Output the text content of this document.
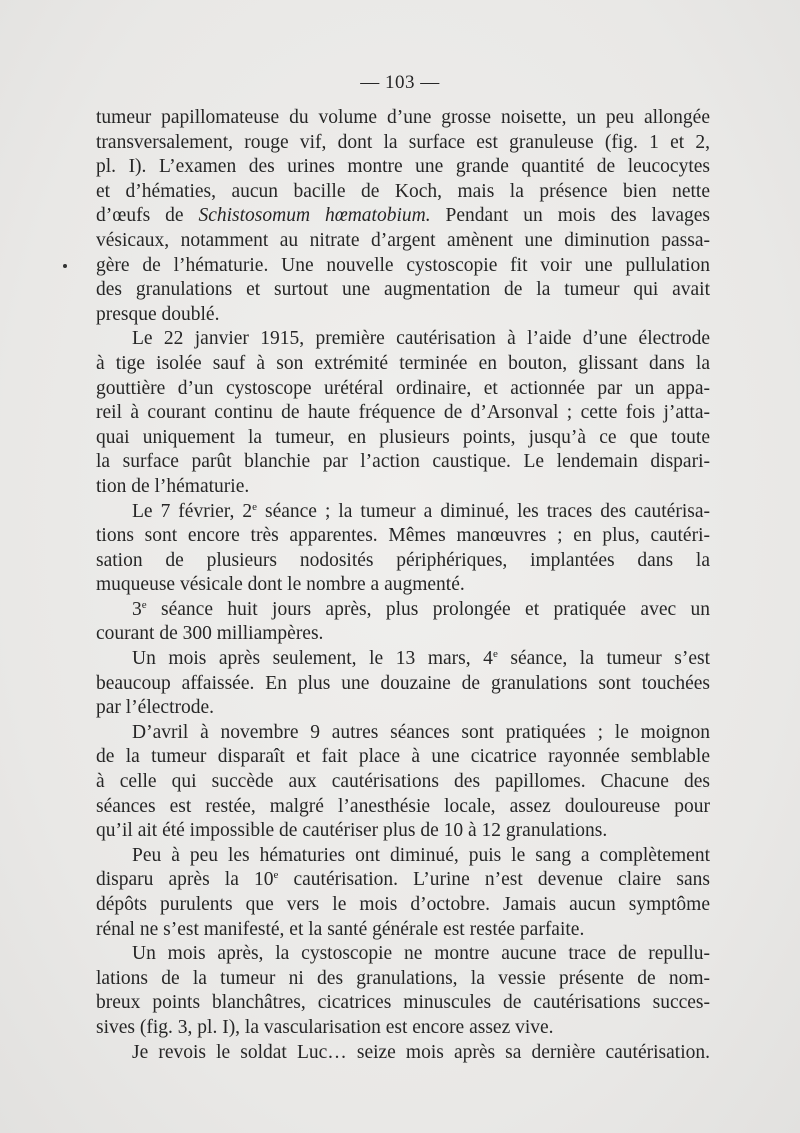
— 103 —
tumeur papillomateuse du volume d’une grosse noisette, un peu allongée
transversalement, rouge vif, dont la surface est granuleuse (fig. 1 et 2,
pl. I). L’examen des urines montre une grande quantité de leucocytes
et d’hématies, aucun bacille de Koch, mais la présence bien nette
d’œufs de Schistosomum hœmatobium. Pendant un mois des lavages
vésicaux, notamment au nitrate d’argent amènent une diminution passa-
gère de l’hématurie. Une nouvelle cystoscopie fit voir une pullulation
des granulations et surtout une augmentation de la tumeur qui avait
presque doublé.
Le 22 janvier 1915, première cautérisation à l’aide d’une électrode
à tige isolée sauf à son extrémité terminée en bouton, glissant dans la
gouttière d’un cystoscope urétéral ordinaire, et actionnée par un appa-
reil à courant continu de haute fréquence de d’Arsonval ; cette fois j’atta-
quai uniquement la tumeur, en plusieurs points, jusqu’à ce que toute
la surface parût blanchie par l’action caustique. Le lendemain dispari-
tion de l’hématurie.
Le 7 février, 2e séance ; la tumeur a diminué, les traces des cautérisa-
tions sont encore très apparentes. Mêmes manœuvres ; en plus, cautéri-
sation de plusieurs nodosités périphériques, implantées dans la
muqueuse vésicale dont le nombre a augmenté.
3e séance huit jours après, plus prolongée et pratiquée avec un
courant de 300 milliampères.
Un mois après seulement, le 13 mars, 4e séance, la tumeur s’est
beaucoup affaissée. En plus une douzaine de granulations sont touchées
par l’électrode.
D’avril à novembre 9 autres séances sont pratiquées ; le moignon
de la tumeur disparaît et fait place à une cicatrice rayonnée semblable
à celle qui succède aux cautérisations des papillomes. Chacune des
séances est restée, malgré l’anesthésie locale, assez douloureuse pour
qu’il ait été impossible de cautériser plus de 10 à 12 granulations.
Peu à peu les hématuries ont diminué, puis le sang a complètement
disparu après la 10e cautérisation. L’urine n’est devenue claire sans
dépôts purulents que vers le mois d’octobre. Jamais aucun symptôme
rénal ne s’est manifesté, et la santé générale est restée parfaite.
Un mois après, la cystoscopie ne montre aucune trace de repullu-
lations de la tumeur ni des granulations, la vessie présente de nom-
breux points blanchâtres, cicatrices minuscules de cautérisations succes-
sives (fig. 3, pl. I), la vascularisation est encore assez vive.
Je revois le soldat Luc… seize mois après sa dernière cautérisation.
